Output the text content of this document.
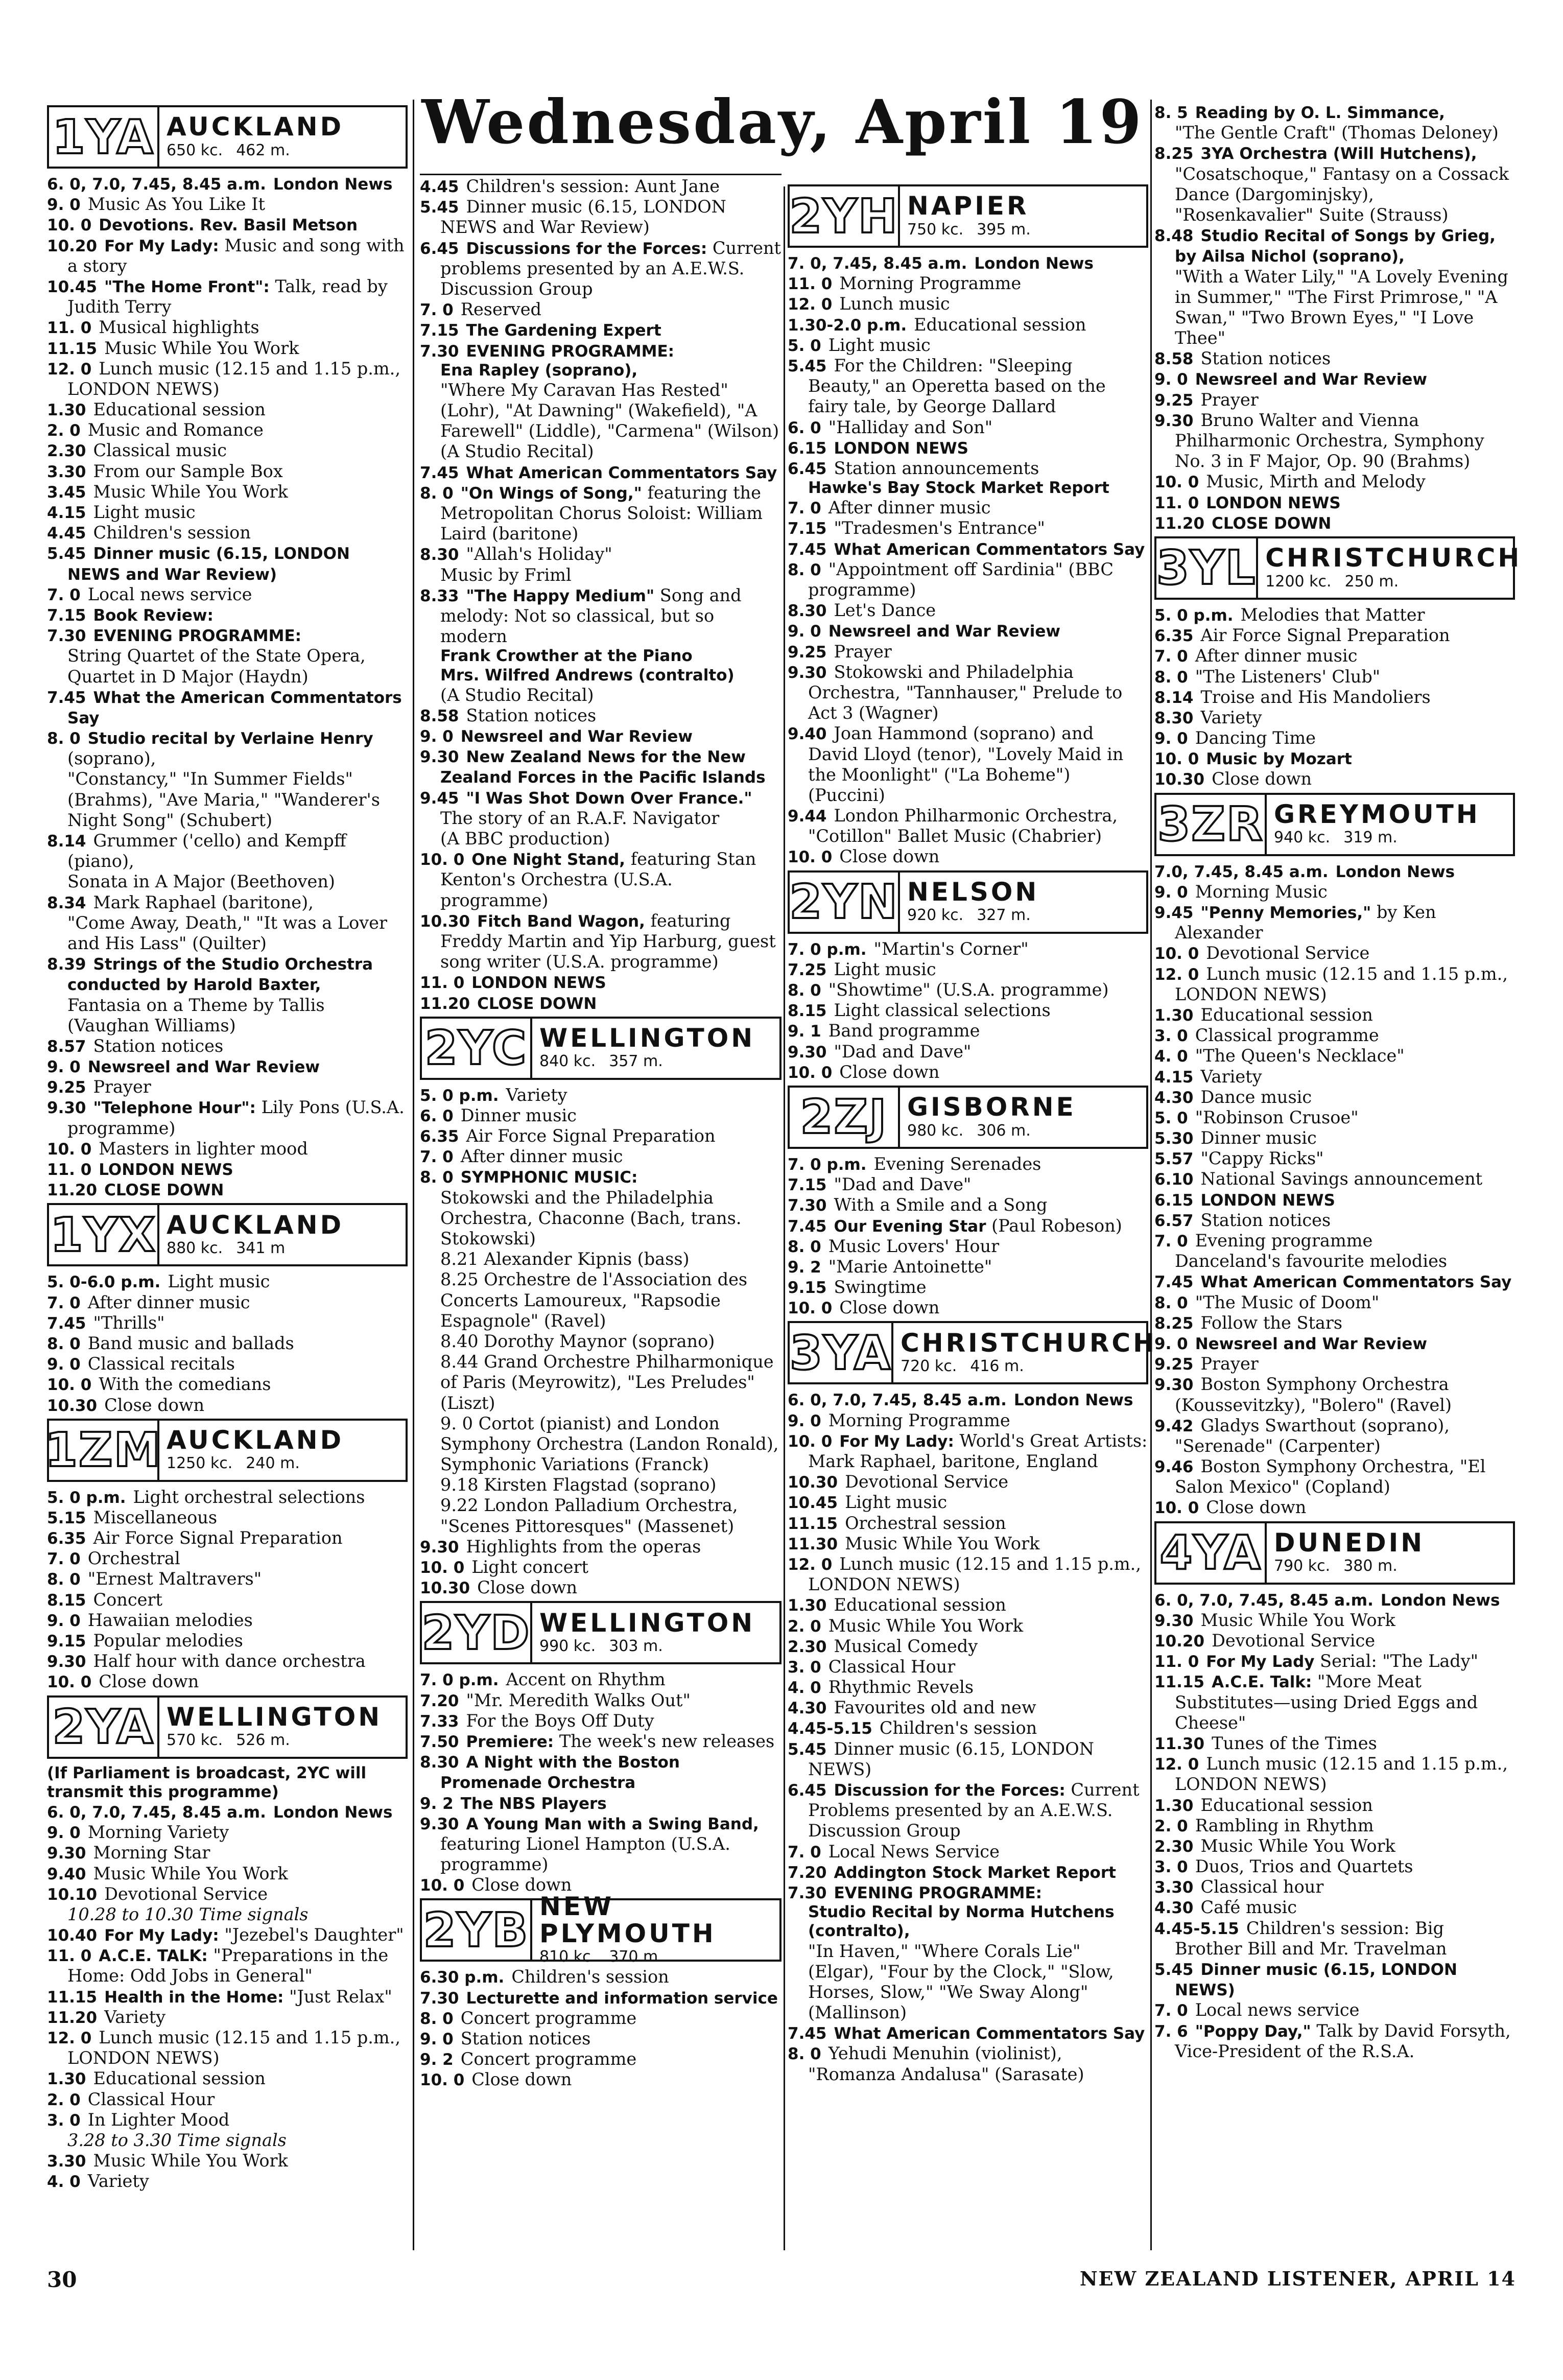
Wednesday, April 19
1YA AUCKLAND
650 kc. 462 m.
6. 0, 7.0, 7.45, 8.45 a.m. London News
9. 0 Music As You Like It
10. 0 Devotions. Rev. Basil Metson
10.20 For My Lady: Music and song with a story
10.45 "The Home Front": Talk, read by Judith Terry
11. 0 Musical highlights
11.15 Music While You Work
12. 0 Lunch music (12.15 and 1.15 p.m., LONDON NEWS)
1.30 Educational session
2. 0 Music and Romance
2.30 Classical music
3.30 From our Sample Box
3.45 Music While You Work
4.15 Light music
4.45 Children's session
5.45 Dinner music (6.15, LONDON NEWS and War Review)
7. 0 Local news service
7.15 Book Review:
7.30 EVENING PROGRAMME:
String Quartet of the State Opera,
Quartet in D Major (Haydn)
7.45 What the American Commentators Say
8. 0 Studio recital by Verlaine Henry (soprano),
"Constancy," "In Summer Fields" (Brahms), "Ave Maria," "Wanderer's Night Song" (Schubert)
8.14 Grummer ('cello) and Kempff (piano),
Sonata in A Major (Beethoven)
8.34 Mark Raphael (baritone),
"Come Away, Death," "It was a Lover and His Lass" (Quilter)
8.39 Strings of the Studio Orchestra conducted by Harold Baxter,
Fantasia on a Theme by Tallis (Vaughan Williams)
8.57 Station notices
9. 0 Newsreel and War Review
9.25 Prayer
9.30 "Telephone Hour": Lily Pons (U.S.A. programme)
10. 0 Masters in lighter mood
11. 0 LONDON NEWS
11.20 CLOSE DOWN
1YX AUCKLAND
880 kc. 341 m
5. 0-6.0 p.m. Light music
7. 0 After dinner music
7.45 "Thrills"
8. 0 Band music and ballads
9. 0 Classical recitals
10. 0 With the comedians
10.30 Close down
1ZM AUCKLAND
1250 kc. 240 m.
5. 0 p.m. Light orchestral selections
5.15 Miscellaneous
6.35 Air Force Signal Preparation
7. 0 Orchestral
8. 0 "Ernest Maltravers"
8.15 Concert
9. 0 Hawaiian melodies
9.15 Popular melodies
9.30 Half hour with dance orchestra
10. 0 Close down
2YA WELLINGTON
570 kc. 526 m.
(If Parliament is broadcast, 2YC will transmit this programme)
6. 0, 7.0, 7.45, 8.45 a.m. London News
9. 0 Morning Variety
9.30 Morning Star
9.40 Music While You Work
10.10 Devotional Service
10.28 to 10.30 Time signals
10.40 For My Lady: "Jezebel's Daughter"
11. 0 A.C.E. TALK: "Preparations in the Home: Odd Jobs in General"
11.15 Health in the Home: "Just Relax"
11.20 Variety
12. 0 Lunch music (12.15 and 1.15 p.m., LONDON NEWS)
1.30 Educational session
2. 0 Classical Hour
3. 0 In Lighter Mood
3.28 to 3.30 Time signals
3.30 Music While You Work
4. 0 Variety
4.45 Children's session: Aunt Jane
5.45 Dinner music (6.15, LONDON NEWS and War Review)
6.45 Discussions for the Forces: Current problems presented by an A.E.W.S. Discussion Group
7. 0 Reserved
7.15 The Gardening Expert
7.30 EVENING PROGRAMME:
Ena Rapley (soprano),
"Where My Caravan Has Rested" (Lohr), "At Dawning" (Wakefield), "A Farewell" (Liddle), "Carmena" (Wilson)
(A Studio Recital)
7.45 What American Commentators Say
8. 0 "On Wings of Song," featuring the Metropolitan Chorus Soloist: William Laird (baritone)
8.30 "Allah's Holiday"
Music by Friml
8.33 "The Happy Medium" Song and melody: Not so classical, but so modern
Frank Crowther at the Piano
Mrs. Wilfred Andrews (contralto)
(A Studio Recital)
8.58 Station notices
9. 0 Newsreel and War Review
9.30 New Zealand News for the New Zealand Forces in the Pacific Islands
9.45 "I Was Shot Down Over France." The story of an R.A.F. Navigator
(A BBC production)
10. 0 One Night Stand, featuring Stan Kenton's Orchestra (U.S.A. programme)
10.30 Fitch Band Wagon, featuring Freddy Martin and Yip Harburg, guest song writer (U.S.A. programme)
11. 0 LONDON NEWS
11.20 CLOSE DOWN
2YC WELLINGTON
840 kc. 357 m.
5. 0 p.m. Variety
6. 0 Dinner music
6.35 Air Force Signal Preparation
7. 0 After dinner music
8. 0 SYMPHONIC MUSIC:
Stokowski and the Philadelphia Orchestra, Chaconne (Bach, trans. Stokowski)
8.21 Alexander Kipnis (bass)
8.25 Orchestre de l'Association des Concerts Lamoureux, "Rapsodie Espagnole" (Ravel)
8.40 Dorothy Maynor (soprano)
8.44 Grand Orchestre Philharmonique of Paris (Meyrowitz), "Les Preludes" (Liszt)
9. 0 Cortot (pianist) and London Symphony Orchestra (Landon Ronald), Symphonic Variations (Franck)
9.18 Kirsten Flagstad (soprano)
9.22 London Palladium Orchestra, "Scenes Pittoresques" (Massenet)
9.30 Highlights from the operas
10. 0 Light concert
10.30 Close down
2YD WELLINGTON
990 kc. 303 m.
7. 0 p.m. Accent on Rhythm
7.20 "Mr. Meredith Walks Out"
7.33 For the Boys Off Duty
7.50 Premiere: The week's new releases
8.30 A Night with the Boston Promenade Orchestra
9. 2 The NBS Players
9.30 A Young Man with a Swing Band, featuring Lionel Hampton (U.S.A. programme)
10. 0 Close down
2YB NEW PLYMOUTH
810 kc. 370 m.
6.30 p.m. Children's session
7.30 Lecturette and information service
8. 0 Concert programme
9. 0 Station notices
9. 2 Concert programme
10. 0 Close down
2YH NAPIER
750 kc. 395 m.
7. 0, 7.45, 8.45 a.m. London News
11. 0 Morning Programme
12. 0 Lunch music
1.30-2.0 p.m. Educational session
5. 0 Light music
5.45 For the Children: "Sleeping Beauty," an Operetta based on the fairy tale, by George Dallard
6. 0 "Halliday and Son"
6.15 LONDON NEWS
6.45 Station announcements
Hawke's Bay Stock Market Report
7. 0 After dinner music
7.15 "Tradesmen's Entrance"
7.45 What American Commentators Say
8. 0 "Appointment off Sardinia" (BBC programme)
8.30 Let's Dance
9. 0 Newsreel and War Review
9.25 Prayer
9.30 Stokowski and Philadelphia Orchestra, "Tannhauser," Prelude to Act 3 (Wagner)
9.40 Joan Hammond (soprano) and David Lloyd (tenor), "Lovely Maid in the Moonlight" ("La Boheme") (Puccini)
9.44 London Philharmonic Orchestra, "Cotillon" Ballet Music (Chabrier)
10. 0 Close down
2YN NELSON
920 kc. 327 m.
7. 0 p.m. "Martin's Corner"
7.25 Light music
8. 0 "Showtime" (U.S.A. programme)
8.15 Light classical selections
9. 1 Band programme
9.30 "Dad and Dave"
10. 0 Close down
2ZJ GISBORNE
980 kc. 306 m.
7. 0 p.m. Evening Serenades
7.15 "Dad and Dave"
7.30 With a Smile and a Song
7.45 Our Evening Star (Paul Robeson)
8. 0 Music Lovers' Hour
9. 2 "Marie Antoinette"
9.15 Swingtime
10. 0 Close down
3YA CHRISTCHURCH
720 kc. 416 m.
6. 0, 7.0, 7.45, 8.45 a.m. London News
9. 0 Morning Programme
10. 0 For My Lady: World's Great Artists: Mark Raphael, baritone, England
10.30 Devotional Service
10.45 Light music
11.15 Orchestral session
11.30 Music While You Work
12. 0 Lunch music (12.15 and 1.15 p.m., LONDON NEWS)
1.30 Educational session
2. 0 Music While You Work
2.30 Musical Comedy
3. 0 Classical Hour
4. 0 Rhythmic Revels
4.30 Favourites old and new
4.45-5.15 Children's session
5.45 Dinner music (6.15, LONDON NEWS)
6.45 Discussion for the Forces: Current Problems presented by an A.E.W.S. Discussion Group
7. 0 Local News Service
7.20 Addington Stock Market Report
7.30 EVENING PROGRAMME:
Studio Recital by Norma Hutchens (contralto),
"In Haven," "Where Corals Lie" (Elgar), "Four by the Clock," "Slow, Horses, Slow," "We Sway Along" (Mallinson)
7.45 What American Commentators Say
8. 0 Yehudi Menuhin (violinist), "Romanza Andalusa" (Sarasate)
8. 5 Reading by O. L. Simmance,
"The Gentle Craft" (Thomas Deloney)
8.25 3YA Orchestra (Will Hutchens),
"Cosatschoque," Fantasy on a Cossack Dance (Dargominjsky), "Rosenkavalier" Suite (Strauss)
8.48 Studio Recital of Songs by Grieg, by Ailsa Nichol (soprano),
"With a Water Lily," "A Lovely Evening in Summer," "The First Primrose," "A Swan," "Two Brown Eyes," "I Love Thee"
8.58 Station notices
9. 0 Newsreel and War Review
9.25 Prayer
9.30 Bruno Walter and Vienna Philharmonic Orchestra, Symphony No. 3 in F Major, Op. 90 (Brahms)
10. 0 Music, Mirth and Melody
11. 0 LONDON NEWS
11.20 CLOSE DOWN
3YL CHRISTCHURCH
1200 kc. 250 m.
5. 0 p.m. Melodies that Matter
6.35 Air Force Signal Preparation
7. 0 After dinner music
8. 0 "The Listeners' Club"
8.14 Troise and His Mandoliers
8.30 Variety
9. 0 Dancing Time
10. 0 Music by Mozart
10.30 Close down
3ZR GREYMOUTH
940 kc. 319 m.
7.0, 7.45, 8.45 a.m. London News
9. 0 Morning Music
9.45 "Penny Memories," by Ken Alexander
10. 0 Devotional Service
12. 0 Lunch music (12.15 and 1.15 p.m., LONDON NEWS)
1.30 Educational session
3. 0 Classical programme
4. 0 "The Queen's Necklace"
4.15 Variety
4.30 Dance music
5. 0 "Robinson Crusoe"
5.30 Dinner music
5.57 "Cappy Ricks"
6.10 National Savings announcement
6.15 LONDON NEWS
6.57 Station notices
7. 0 Evening programme
Danceland's favourite melodies
7.45 What American Commentators Say
8. 0 "The Music of Doom"
8.25 Follow the Stars
9. 0 Newsreel and War Review
9.25 Prayer
9.30 Boston Symphony Orchestra (Koussevitzky), "Bolero" (Ravel)
9.42 Gladys Swarthout (soprano), "Serenade" (Carpenter)
9.46 Boston Symphony Orchestra, "El Salon Mexico" (Copland)
10. 0 Close down
4YA DUNEDIN
790 kc. 380 m.
6. 0, 7.0, 7.45, 8.45 a.m. London News
9.30 Music While You Work
10.20 Devotional Service
11. 0 For My Lady Serial: "The Lady"
11.15 A.C.E. Talk: "More Meat Substitutes—using Dried Eggs and Cheese"
11.30 Tunes of the Times
12. 0 Lunch music (12.15 and 1.15 p.m., LONDON NEWS)
1.30 Educational session
2. 0 Rambling in Rhythm
2.30 Music While You Work
3. 0 Duos, Trios and Quartets
3.30 Classical hour
4.30 Café music
4.45-5.15 Children's session: Big Brother Bill and Mr. Travelman
5.45 Dinner music (6.15, LONDON NEWS)
7. 0 Local news service
7. 6 "Poppy Day," Talk by David Forsyth, Vice-President of the R.S.A.
30	NEW ZEALAND LISTENER, APRIL 14
